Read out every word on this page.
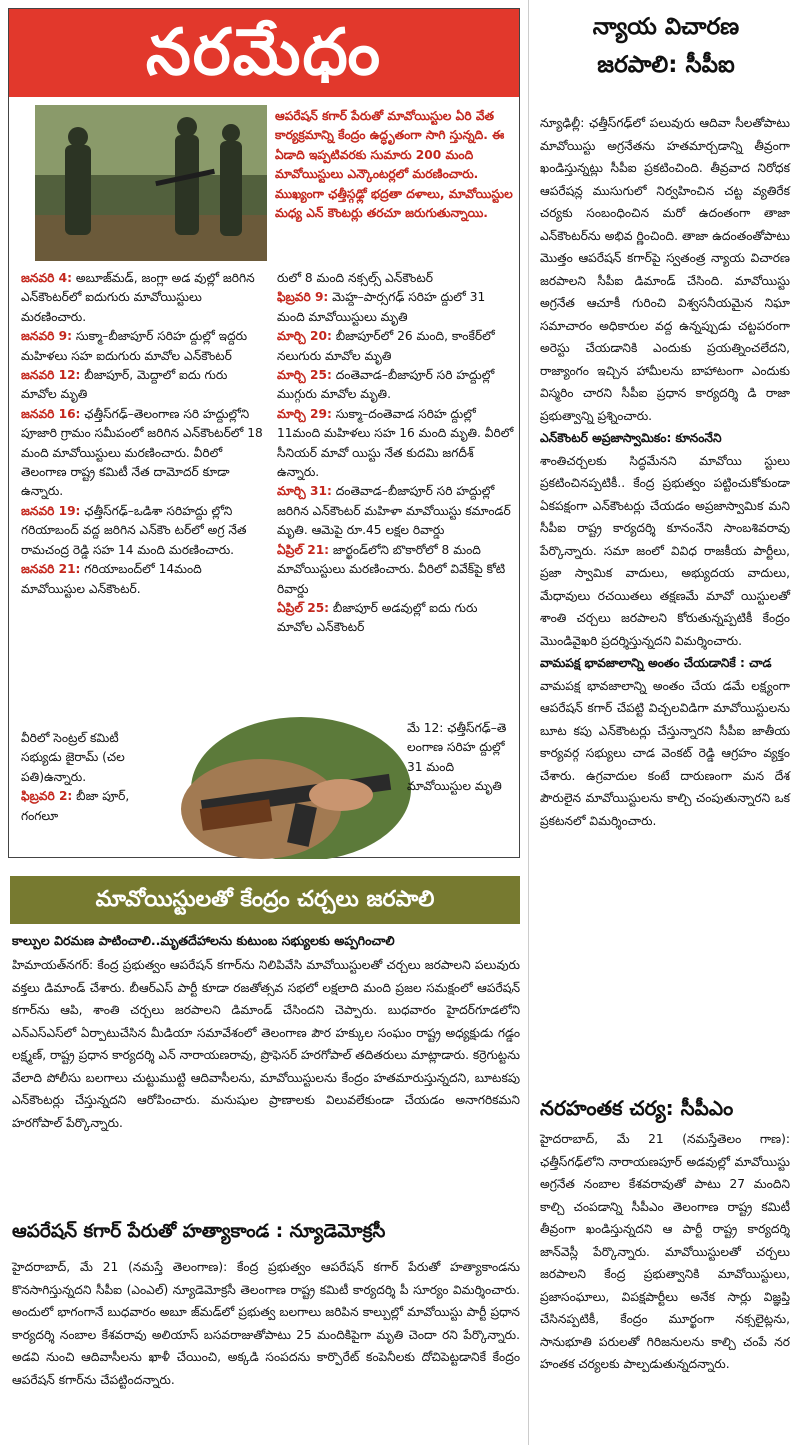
నరమేధం
ఆపరేషన్ కగార్ పేరుతో మావోయిస్టుల ఏరి వేత కార్యక్రమాన్ని కేంద్రం ఉద్ధృతంగా సాగి స్తున్నది. ఈ ఏడాది ఇప్పటివరకు సుమారు 200 మంది మావోయిస్టులు ఎన్కౌంటర్లలో మరణించారు. ముఖ్యంగా ఛత్తీస్గఢ్లో భద్రతా దళాలు, మావోయిస్టుల మధ్య ఎన్ కౌంటర్లు తరచూ జరుగుతున్నాయి.

జనవరి 4: అబూజ్‌మడ్, జంగ్లా అడ వుల్లో జరిగిన ఎన్‌కౌంటర్‌లో ఐదుగురు మావోయిస్టులు మరణించారు.

జనవరి 9: సుక్మా–బీజాపూర్ సరిహ ద్దుల్లో ఇద్దరు మహిళలు సహ ఐదుగురు మావోల ఎన్‌కౌంటర్

జనవరి 12: బీజాపూర్, మెద్దాలో ఐదు గురు మావోల మృతి

జనవరి 16: ఛత్తీస్‌గఢ్–తెలంగాణ సరి హద్దుల్లోని పూజారి గ్రామం సమీపంలో జరిగిన ఎన్‌కౌంటర్‌లో 18 మంది మావోయిస్టులు మరణించారు. వీరిలో తెలంగాణ రాష్ట్ర కమిటీ నేత దామోదర్ కూడా ఉన్నారు.

జనవరి 19: ఛత్తీస్‌గఢ్–ఒడిశా సరిహద్దు ల్లోని గరియాబంద్ వద్ద జరిగిన ఎన్‌కౌం టర్‌లో అగ్ర నేత రామచంద్ర రెడ్డి సహ 14 మంది మరణించారు.

జనవరి 21: గరియాబంద్‌లో 14మంది మావోయిస్టుల ఎన్‌కౌంటర్.

రులో 8 మంది నక్సల్స్ ఎన్‌కౌంటర్

ఫిబ్రవరి 9: మెహ్ద–పార్సగఢ్ సరిహ ద్దులో 31 మంది మావోయిస్టులు మృతి

మార్చి 20: బీజాపూర్‌లో 26 మంది, కాంకేర్‌లో నలుగురు మావోల మృతి

మార్చి 25: దంతెవాడ–బీజాపూర్ సరి హద్దుల్లో ముగ్గురు మావోల మృతి.

మార్చి 29: సుక్మా–దంతెవాడ సరిహ ద్దుల్లో 11మంది మహిళలు సహ 16 మంది మృతి. వీరిలో సీనియర్ మావో యిస్టు నేత కుదమి జగదీశ్ ఉన్నారు.

మార్చి 31: దంతెవాడ–బీజాపూర్ సరి హద్దుల్లో జరిగిన ఎన్‌కౌంటర్ మహిళా మావోయిస్టు కమాండర్ మృతి. ఆమెపై రూ.45 లక్షల రివార్డు

ఏప్రిల్ 21: జార్ఖండ్‌లోని బొకారోలో 8 మంది మావోయిస్టులు మరణించారు. వీరిలో వివేక్‌పై కోటి రివార్డు

ఏప్రిల్ 25: బీజాపూర్ అడవుల్లో ఐదు గురు మావోల ఎన్‌కౌంటర్

వీరిలో సెంట్రల్ కమిటీ సభ్యుడు జైరామ్ (చల పతి)ఉన్నారు.

ఫిబ్రవరి 2: బీజా పూర్, గంగలూ

మే 12: ఛత్తీస్‌గఢ్–తె లంగాణ సరిహ ద్దుల్లో 31 మంది మావోయిస్టుల మృతి

న్యాయ విచారణ
జరపాలి: సీపీఐ

న్యూఢిల్లీ: ఛత్తీస్‌గఢ్‌లో పలువురు ఆదివా సీలతోపాటు మావోయిస్టు అగ్రనేతను హతమార్చడాన్ని తీవ్రంగా ఖండిస్తున్నట్లు సీపీఐ ప్రకటించింది. తీవ్రవాద నిరోధక ఆపరేషన్ల ముసుగులో నిర్వహించిన చట్ట వ్యతిరేక చర్యకు సంబంధించిన మరో ఉదంతంగా తాజా ఎన్‌కౌంటర్‌ను అభివ ర్ణించింది. తాజా ఉదంతంతోపాటు మొత్తం ఆపరేషన్ కగార్‌పై స్వతంత్ర న్యాయ విచారణ జరపాలని సీపీఐ డిమాండ్ చేసింది. మావోయిస్టు అగ్రనేత ఆచూకీ గురించి విశ్వసనీయమైన నిఘా సమాచారం అధికారుల వద్ద ఉన్నప్పుడు చట్టపరంగా అరెస్టు చేయడానికి ఎందుకు ప్రయత్నించలేదని, రాజ్యాంగం ఇచ్చిన హామీలను బాహాటంగా ఎందుకు విస్మరిం చారని సీపీఐ ప్రధాన కార్యదర్శి డి రాజా ప్రభుత్వాన్ని ప్రశ్నించారు.

ఎన్‌కౌంటర్ అప్రజాస్వామికం: కూనంనేని

శాంతిచర్చలకు సిద్ధమేనని మావోయి స్టులు ప్రకటించినప్పటికీ.. కేంద్ర ప్రభుత్వం పట్టించుకోకుండా ఏకపక్షంగా ఎన్‌కౌంటర్లు చేయడం అప్రజాస్వామిక మని సీపీఐ రాష్ట్ర కార్యదర్శి కూనంనేని సాంబశివరావు పేర్కొన్నారు. సమా జంలో వివిధ రాజకీయ పార్టీలు, ప్రజా స్వామిక వాదులు, అభ్యుదయ వాదులు, మేధావులు రచయితలు తక్షణమే మావో యిస్టులతో శాంతి చర్చలు జరపాలని కోరుతున్నప్పటికీ కేంద్రం మొండివైఖరి ప్రదర్శిస్తున్నదని విమర్శించారు.

వామపక్ష భావజాలాన్ని అంతం చేయడానికే : చాడ

వామపక్ష భావజాలాన్ని అంతం చేయ డమే లక్ష్యంగా ఆపరేషన్ కగార్ చేపట్టి విచ్చలవిడిగా మావోయిస్టులను బూట కపు ఎన్‌కౌంటర్లు చేస్తున్నారని సీపీఐ జాతీయ కార్యవర్గ సభ్యులు చాడ వెంకట్ రెడ్డి ఆగ్రహం వ్యక్తం చేశారు. ఉగ్రవాదుల కంటే దారుణంగా మన దేశ పౌరులైన మావోయిస్టులను కాల్చి చంపుతున్నారని ఒక ప్రకటనలో విమర్శించారు.

నరహంతక చర్య: సీపీఎం
హైదరాబాద్, మే 21 (నమస్తేతెలం గాణ): ఛత్తీస్‌గఢ్‌లోని నారాయణపూర్ అడవుల్లో మావోయిస్టు అగ్రనేత నంబాల కేశవరావుతో పాటు 27 మందిని కాల్చి చంపడాన్ని సీపీఎం తెలంగాణ రాష్ట్ర కమిటీ తీవ్రంగా ఖండిస్తున్నదని ఆ పార్టీ రాష్ట్ర కార్యదర్శి జాన్‌వెస్లీ పేర్కొన్నారు. మావోయిస్టులతో చర్చలు జరపాలని కేంద్ర ప్రభుత్వానికి మావోయిస్టులు, ప్రజాసంఘాలు, విపక్షపార్టీలు అనేక సార్లు విజ్ఞప్తి చేసినప్పటికీ, కేంద్రం మూర్ఖంగా నక్సలైట్లను, సానుభూతి పరులతో గిరిజనులను కాల్చి చంపే నర హంతక చర్యలకు పాల్పడుతున్నదన్నారు.
మావోయిస్టులతో కేంద్రం చర్చలు జరపాలి
కాల్పుల విరమణ పాటించాలి..మృతదేహాలను కుటుంబ సభ్యులకు అప్పగించాలి
హిమాయత్‌నగర్: కేంద్ర ప్రభుత్వం ఆపరేషన్ కగార్‌ను నిలిపివేసి మావోయిస్టులతో చర్చలు జరపాలని పలువురు వక్తలు డిమాండ్ చేశారు. బీఆర్ఎస్ పార్టీ కూడా రజతోత్సవ సభలో లక్షలాది మంది ప్రజల సమక్షంలో ఆపరేషన్ కగార్‌ను ఆపి, శాంతి చర్చలు జరపాలని డిమాండ్ చేసిందని చెప్పారు. బుధవారం హైదర్‌గూడలోని ఎన్ఎస్ఎస్‌లో ఏర్పాటుచేసిన మీడియా సమావేశంలో తెలంగాణ పౌర హక్కుల సంఘం రాష్ట్ర అధ్యక్షుడు గడ్డం లక్ష్మణ్, రాష్ట్ర ప్రధాన కార్యదర్శి ఎన్ నారాయణరావు, ప్రొఫెసర్ హరగోపాల్ తదితరులు మాట్లాడారు. కర్రెగుట్టను వేలాది పోలీసు బలగాలు చుట్టుముట్టి ఆదివాసీలను, మావోయిస్టులను కేంద్రం హతమారుస్తున్నదని, బూటకపు ఎన్‌కౌంటర్లు చేస్తున్నదని ఆరోపించారు. మనుషుల ప్రాణాలకు విలువలేకుండా చేయడం అనాగరికమని హరగోపాల్ పేర్కొన్నారు.
ఆపరేషన్ కగార్ పేరుతో హత్యాకాండ : న్యూడెమోక్రసీ
హైదరాబాద్, మే 21 (నమస్తే తెలంగాణ): కేంద్ర ప్రభుత్వం ఆపరేషన్ కగార్ పేరుతో హత్యాకాండను కొనసాగిస్తున్నదని సీపీఐ (ఎంఎల్) న్యూడెమోక్రసీ తెలంగాణ రాష్ట్ర కమిటీ కార్యదర్శి పీ సూర్యం విమర్శించారు. అందులో భాగంగానే బుధవారం అబూ జ్‌మడ్‌లో ప్రభుత్వ బలగాలు జరిపిన కాల్పుల్లో మావోయిస్టు పార్టీ ప్రధాన కార్యదర్శి నంబాల కేశవరావు అలియాస్ బసవరాజుతోపాటు 25 మందికిపైగా మృతి చెందా రని పేర్కొన్నారు. అడవి నుంచి ఆదివాసీలను ఖాళీ చేయించి, అక్కడి సంపదను కార్పొరేట్ కంపెనీలకు దోచిపెట్టడానికే కేంద్రం ఆపరేషన్ కగార్‌ను చేపట్టిందన్నారు.
